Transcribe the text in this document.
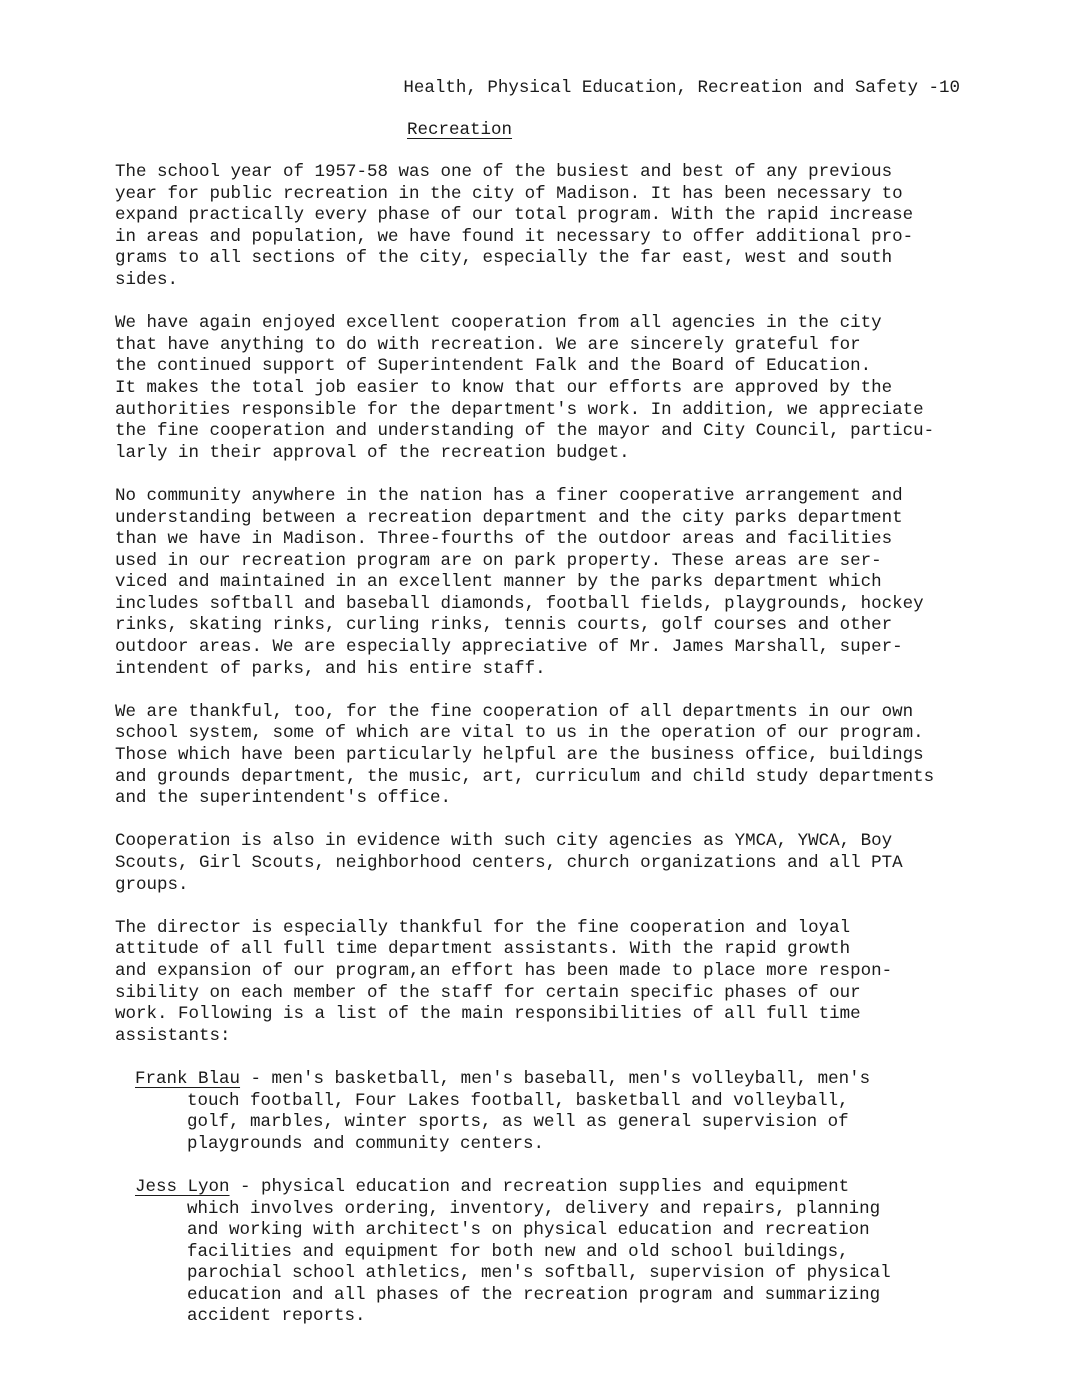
Health, Physical Education, Recreation and Safety -10
Recreation
The school year of 1957-58 was one of the busiest and best of any previous
year for public recreation in the city of Madison. It has been necessary to
expand practically every phase of our total program. With the rapid increase
in areas and population, we have found it necessary to offer additional pro-
grams to all sections of the city, especially the far east, west and south
sides.
We have again enjoyed excellent cooperation from all agencies in the city
that have anything to do with recreation. We are sincerely grateful for
the continued support of Superintendent Falk and the Board of Education.
It makes the total job easier to know that our efforts are approved by the
authorities responsible for the department's work. In addition, we appreciate
the fine cooperation and understanding of the mayor and City Council, particu-
larly in their approval of the recreation budget.
No community anywhere in the nation has a finer cooperative arrangement and
understanding between a recreation department and the city parks department
than we have in Madison. Three-fourths of the outdoor areas and facilities
used in our recreation program are on park property. These areas are ser-
viced and maintained in an excellent manner by the parks department which
includes softball and baseball diamonds, football fields, playgrounds, hockey
rinks, skating rinks, curling rinks, tennis courts, golf courses and other
outdoor areas. We are especially appreciative of Mr. James Marshall, super-
intendent of parks, and his entire staff.
We are thankful, too, for the fine cooperation of all departments in our own
school system, some of which are vital to us in the operation of our program.
Those which have been particularly helpful are the business office, buildings
and grounds department, the music, art, curriculum and child study departments
and the superintendent's office.
Cooperation is also in evidence with such city agencies as YMCA, YWCA, Boy
Scouts, Girl Scouts, neighborhood centers, church organizations and all PTA
groups.
The director is especially thankful for the fine cooperation and loyal
attitude of all full time department assistants. With the rapid growth
and expansion of our program,an effort has been made to place more respon-
sibility on each member of the staff for certain specific phases of our
work. Following is a list of the main responsibilities of all full time
assistants:
Frank Blau - men's basketball, men's baseball, men's volleyball, men's
touch football, Four Lakes football, basketball and volleyball,
golf, marbles, winter sports, as well as general supervision of
playgrounds and community centers.
Jess Lyon - physical education and recreation supplies and equipment
which involves ordering, inventory, delivery and repairs, planning
and working with architect's on physical education and recreation
facilities and equipment for both new and old school buildings,
parochial school athletics, men's softball, supervision of physical
education and all phases of the recreation program and summarizing
accident reports.
